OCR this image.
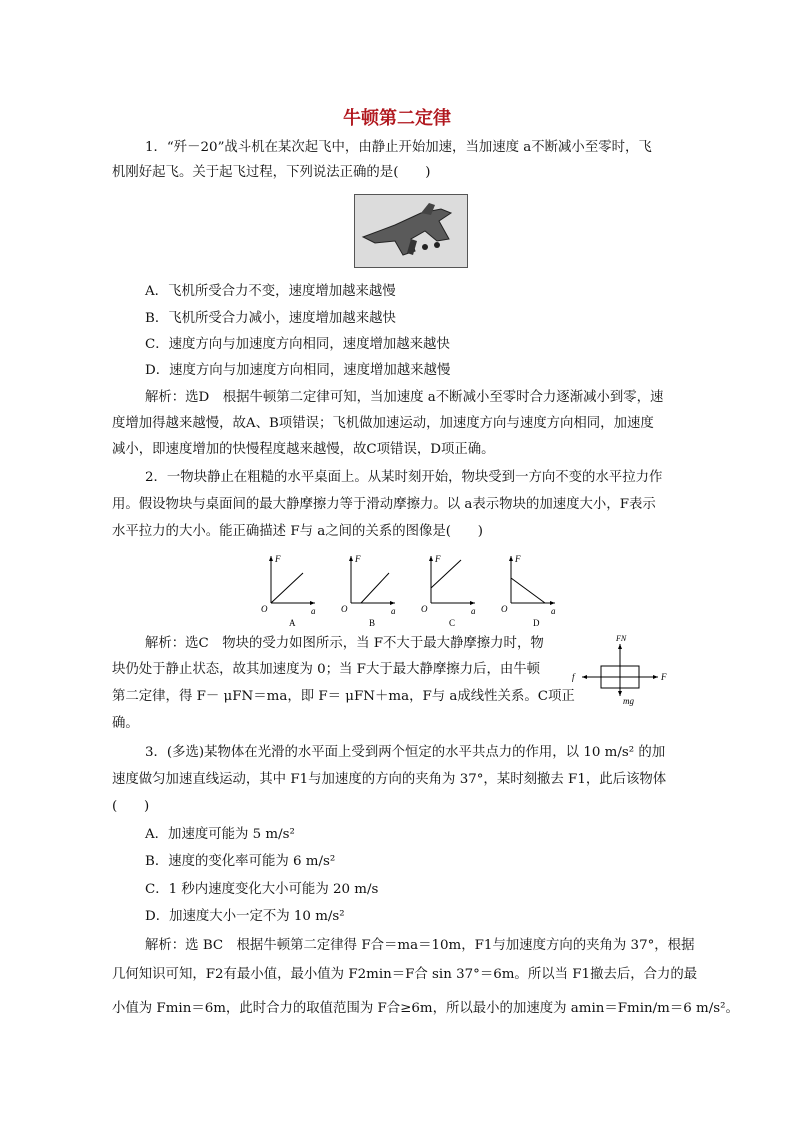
牛顿第二定律
1．“歼－20”战斗机在某次起飞中，由静止开始加速，当加速度 a不断减小至零时，飞
机刚好起飞。关于起飞过程，下列说法正确的是(　　)
A．飞机所受合力不变，速度增加越来越慢
B．飞机所受合力减小，速度增加越来越快
C．速度方向与加速度方向相同，速度增加越来越快
D．速度方向与加速度方向相同，速度增加越来越慢
解析：选D　根据牛顿第二定律可知，当加速度 a不断减小至零时合力逐渐减小到零，速
度增加得越来越慢，故A、B项错误；飞机做加速运动，加速度方向与速度方向相同，加速度
减小，即速度增加的快慢程度越来越慢，故C项错误，D项正确。
2．一物块静止在粗糙的水平桌面上。从某时刻开始，物块受到一方向不变的水平拉力作
用。假设物块与桌面间的最大静摩擦力等于滑动摩擦力。以 a表示物块的加速度大小，F表示
水平拉力的大小。能正确描述 F与 a之间的关系的图像是(　　)
F
a
O
A
F
a
O
B
F
a
O
C
F
a
O
D
解析：选C　物块的受力如图所示，当 F不大于最大静摩擦力时，物
块仍处于静止状态，故其加速度为 0；当 F大于最大静摩擦力后，由牛顿
第二定律，得 F－ μFN＝ma，即 F＝ μFN＋ma，F与 a成线性关系。C项正
确。
FN
f	F
mg
3．(多选)某物体在光滑的水平面上受到两个恒定的水平共点力的作用，以 10 m/s² 的加
速度做匀加速直线运动，其中 F1与加速度的方向的夹角为 37°，某时刻撤去 F1，此后该物体
(　　)
A．加速度可能为 5 m/s²
B．速度的变化率可能为 6 m/s²
C．1 秒内速度变化大小可能为 20 m/s
D．加速度大小一定不为 10 m/s²
解析：选 BC　根据牛顿第二定律得 F合＝ma＝10m，F1与加速度方向的夹角为 37°，根据
几何知识可知，F2有最小值，最小值为 F2min＝F合 sin 37°＝6m。所以当 F1撤去后，合力的最
小值为 Fmin＝6m，此时合力的取值范围为 F合≥6m，所以最小的加速度为 amin＝Fmin/m＝6 m/s²。
